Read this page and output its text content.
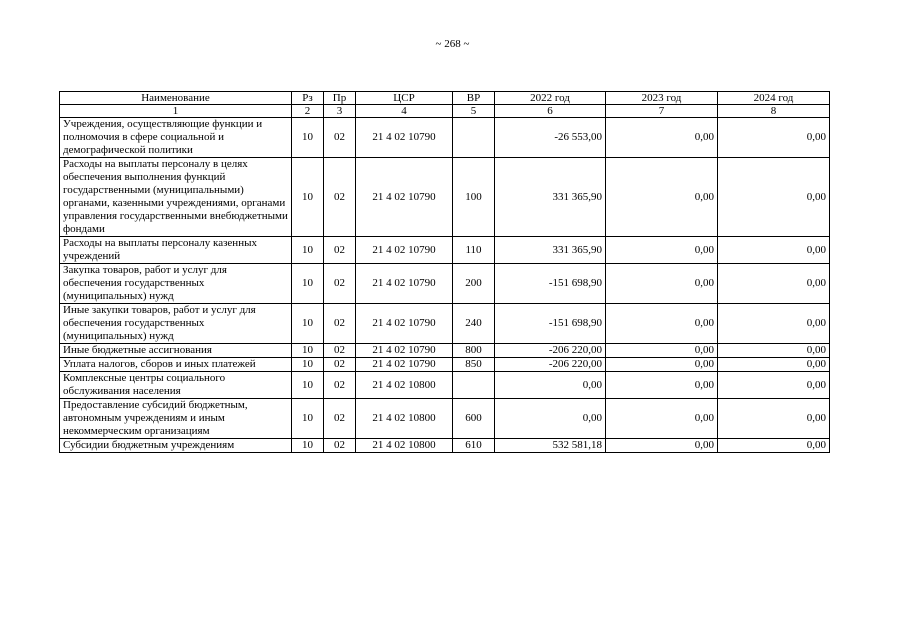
~ 268 ~
Наименование	Рз	Пр	ЦСР	ВР	2022 год	2023 год	2024 год
1	2	3	4	5	6	7	8
Учреждения, осуществляющие функции и полномочия в сфере социальной и демографической политики	10	02	21 4 02 10790		-26 553,00	0,00	0,00
Расходы на выплаты персоналу в целях обеспечения выполнения функций государственными (муниципальными) органами, казенными учреждениями, органами управления государственными внебюджетными фондами	10	02	21 4 02 10790	100	331 365,90	0,00	0,00
Расходы на выплаты персоналу казенных учреждений	10	02	21 4 02 10790	110	331 365,90	0,00	0,00
Закупка товаров, работ и услуг для обеспечения государственных (муниципальных) нужд	10	02	21 4 02 10790	200	-151 698,90	0,00	0,00
Иные закупки товаров, работ и услуг для обеспечения государственных (муниципальных) нужд	10	02	21 4 02 10790	240	-151 698,90	0,00	0,00
Иные бюджетные ассигнования	10	02	21 4 02 10790	800	-206 220,00	0,00	0,00
Уплата налогов, сборов и иных платежей	10	02	21 4 02 10790	850	-206 220,00	0,00	0,00
Комплексные центры социального обслуживания населения	10	02	21 4 02 10800		0,00	0,00	0,00
Предоставление субсидий бюджетным, автономным учреждениям и иным некоммерческим организациям	10	02	21 4 02 10800	600	0,00	0,00	0,00
Субсидии бюджетным учреждениям	10	02	21 4 02 10800	610	532 581,18	0,00	0,00
